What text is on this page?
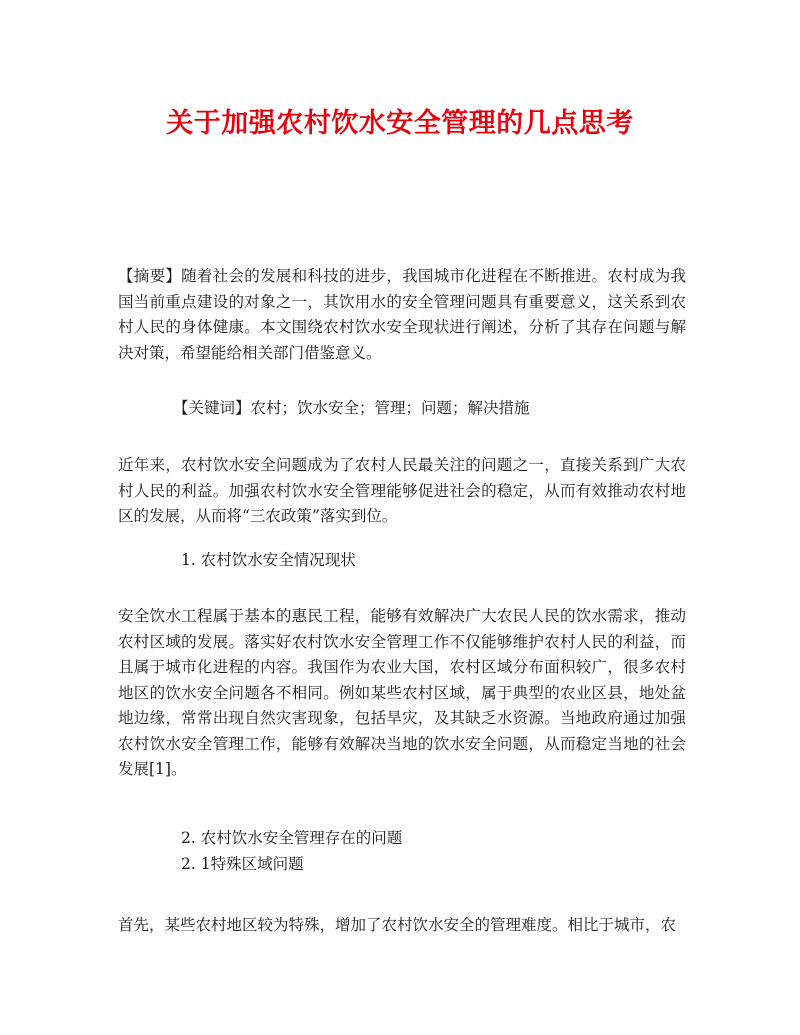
关于加强农村饮水安全管理的几点思考

【摘要】随着社会的发展和科技的进步，我国城市化进程在不断推进。农村成为我国当前重点建设的对象之一，其饮用水的安全管理问题具有重要意义，这关系到农村人民的身体健康。本文围绕农村饮水安全现状进行阐述，分析了其存在问题与解决对策，希望能给相关部门借鉴意义。

【关键词】农村；饮水安全；管理；问题；解决措施

近年来，农村饮水安全问题成为了农村人民最关注的问题之一，直接关系到广大农村人民的利益。加强农村饮水安全管理能够促进社会的稳定，从而有效推动农村地区的发展，从而将“三农政策”落实到位。

1. 农村饮水安全情况现状

安全饮水工程属于基本的惠民工程，能够有效解决广大农民人民的饮水需求，推动农村区域的发展。落实好农村饮水安全管理工作不仅能够维护农村人民的利益，而且属于城市化进程的内容。我国作为农业大国，农村区域分布面积较广，很多农村地区的饮水安全问题各不相同。例如某些农村区域，属于典型的农业区县，地处盆地边缘，常常出现自然灾害现象，包括旱灾，及其缺乏水资源。当地政府通过加强农村饮水安全管理工作，能够有效解决当地的饮水安全问题，从而稳定当地的社会发展[1]。

2. 农村饮水安全管理存在的问题
2. 1特殊区域问题
首先，某些农村地区较为特殊，增加了农村饮水安全的管理难度。相比于城市，农
